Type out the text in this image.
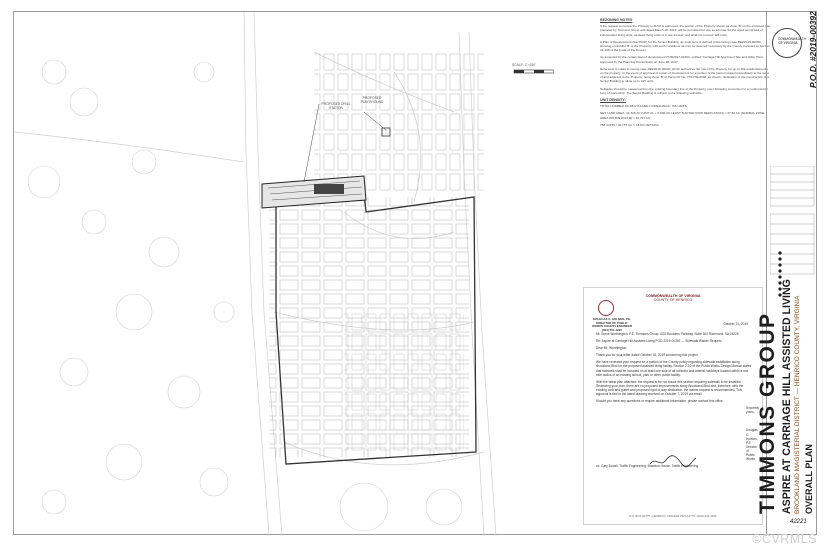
PROPOSED DRILL STATION
PROPOSED PLAYGROUND
SCALE: 1"=150'
REZONING NOTES

If the request to rezone the Property to R-5C is approved, the portion of the Property shown as Zone 'B' on the enclosed plat prepared by Timmons Group and dated March 18, 2019, will be permitted for use as a house for the aged comprised of independent living units, assisted living units or a use thereof, and shall not exceed 125 units.

A Plan of Development (the 'POD') for the Senior Building, as such term is defined in Rezoning case REZ2019-00000, showing on Exhibit 'B' of the Property, with such conditions as may be deemed necessary by the County pursuant to Section 24-106 of the Code of the County.

As amended by the certain plan of development POD2017-00164, entitled 'Carriage Hill Apartment Site and Utility Plan', approved by the Planning Commission on June 28, 2017.

Reference is made to zoning case REZ2016-00042, which authorizes the use of the Property for up to 392 residential units on the property. In the event of approval of a plan of development for a portion of the parcel located immediately to the west of and adjacent to the Property, being Zone 'B' of Parcel ID No. 770-739-8008, as shown, dedication of the construction of a Senior Building to allow up to 125 units.

Setbacks should be measured from the existing boundary line of the Property, even following conversion to a condominium form of ownership. The Senior Building is subject to the following setbacks.

UNIT DENSITY:

TOTAL NUMBER OF MULTI-FAMILY DWELLINGS: 768 UNITS

NET LAND AREA: 41.326 AC (UNIT AL + 0.996 AC LEAST B AFTER ROW DEDICATION) = 37.68 AC (NORMAL ZONE AREA WITHIN UNIT B) = 40.757 AC

768 UNITS / 40.757 AC = 18.84 UNITS/AC

COMMONWEALTH OF VIRGINIA
COUNTY OF HENRICO
DOUGLAS C. HOLMES, P.E. DIRECTOR OF PUBLIC WORKS COUNTY ENGINEER (804) 501-4293
October 21, 2019

Mr. Steve Worthington, P.E. Timmons Group 1001 Boulders Parkway, Suite 300 Richmond, VA 23225

Re: Aspire at Carriage Hill Assisted Living POD 2019-00392 — Sidewalk Waiver Request

Dear Mr. Worthington:

Thank you for your letter dated October 18, 2019 concerning this project.

We have reviewed your request for a portion of the County policy regarding sidewalk installation along Brookland Blvd for the proposed assisted living facility. Section 2-10 of the Public Works Design Manual states that sidewalk shall be included on at least one side of all collector and arterial roadways located within a one mile radius of an existing school, park or other public facility.

With the latest plan attached, the request is for not house this section requiring sidewalk to be installed. Reviewing your plan, there are no proposed improvements along Brookland Blvd and, therefore, with the existing curb and gutter and proposed right of way dedication, the waiver request is recommended. This approval is tied to the latest drawing received on October 7, 2019 via email.

Should you have any questions or require additional information, please contact this office.

Sincerely yours,

Douglas C. Holmes, P.E. Director of Public Works

cc: Gary Duvall, Traffic Engineering; Brandon House, Traffic Engineering

P.O. BOX 90775 • HENRICO, VIRGINIA 23273-0775 • (804) 501-4293
COMMONWEALTH OF VIRGINIA
TIMMONS GROUP ASPIRE AT CARRIAGE HILL ASSISTED LIVING BROOKLAND MAGISTERIAL DISTRICT — HENRICO COUNTY, VIRGINIA OVERALL PLAN
P.O.D. #2019-00392
42221
©CVRMLS
